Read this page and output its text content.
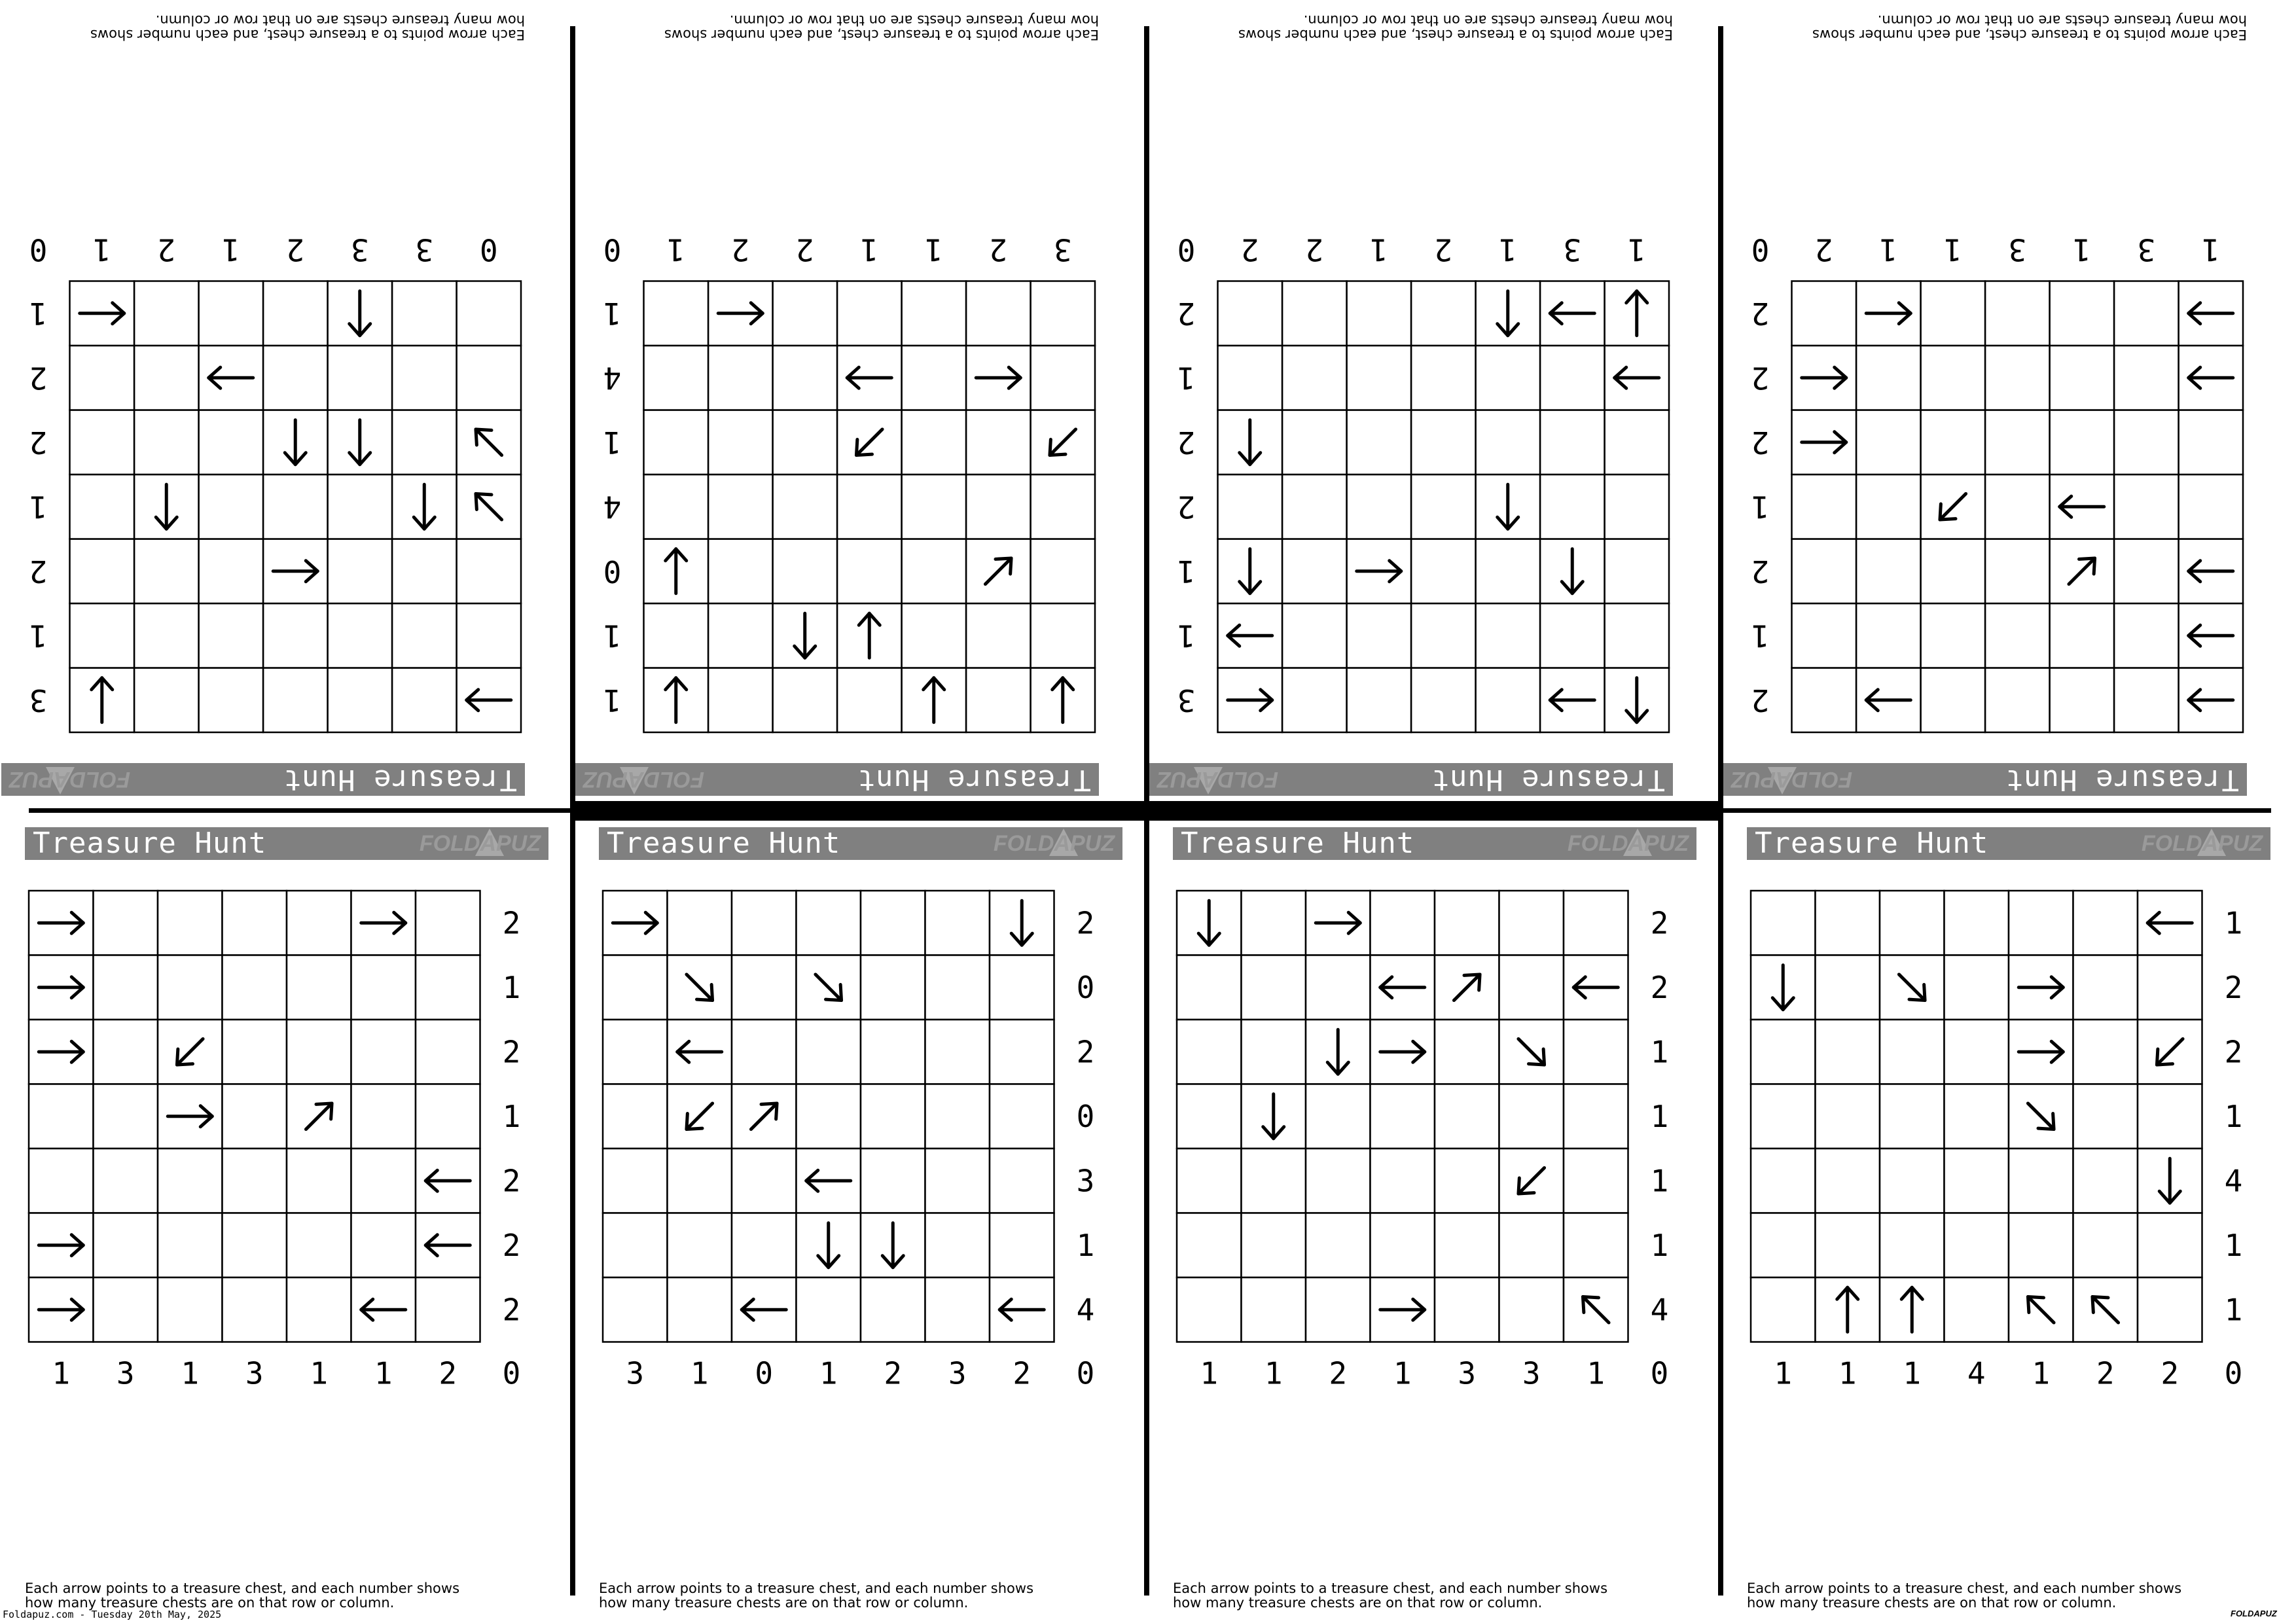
Treasure Hunt
FOLDAPUZ
3
1
2
1
2
2
1
0
3
3
2
1
2
1
0
Each arrow points to a treasure chest, and each number shows
how many treasure chests are on that row or column.
Treasure Hunt	FOLDAPUZ
2
1
2
1
2
2
2
1 3 1 3 1 1 2 0
Each arrow points to a treasure chest, and each number shows
how many treasure chests are on that row or column.
Treasure Hunt
FOLDAPUZ
1
1
0
4
1
4
1
3
2
1
1
2
2
1
0
Each arrow points to a treasure chest, and each number shows
how many treasure chests are on that row or column.
Treasure Hunt	FOLDAPUZ
2
0
2
0
3
1
4
3 1 0 1 2 3 2 0
Each arrow points to a treasure chest, and each number shows
how many treasure chests are on that row or column.
Treasure Hunt
FOLDAPUZ
3
1
1
2
2
1
2
1
3
1
2
1
2
2
0
Each arrow points to a treasure chest, and each number shows
how many treasure chests are on that row or column.
Treasure Hunt	FOLDAPUZ
2
2
1
1
1
1
4
1 1 2 1 3 3 1 0
Each arrow points to a treasure chest, and each number shows
how many treasure chests are on that row or column.
Treasure Hunt
FOLDAPUZ
2
1
2
1
2
2
2
1
3
1
3
1
1
2
0
Each arrow points to a treasure chest, and each number shows
how many treasure chests are on that row or column.
Treasure Hunt	FOLDAPUZ
1
2
2
1
4
1
1
1 1 1 4 1 2 2 0
Each arrow points to a treasure chest, and each number shows
how many treasure chests are on that row or column.
Foldapuz.com - Tuesday 20th May, 2025	FOLDAPUZ
